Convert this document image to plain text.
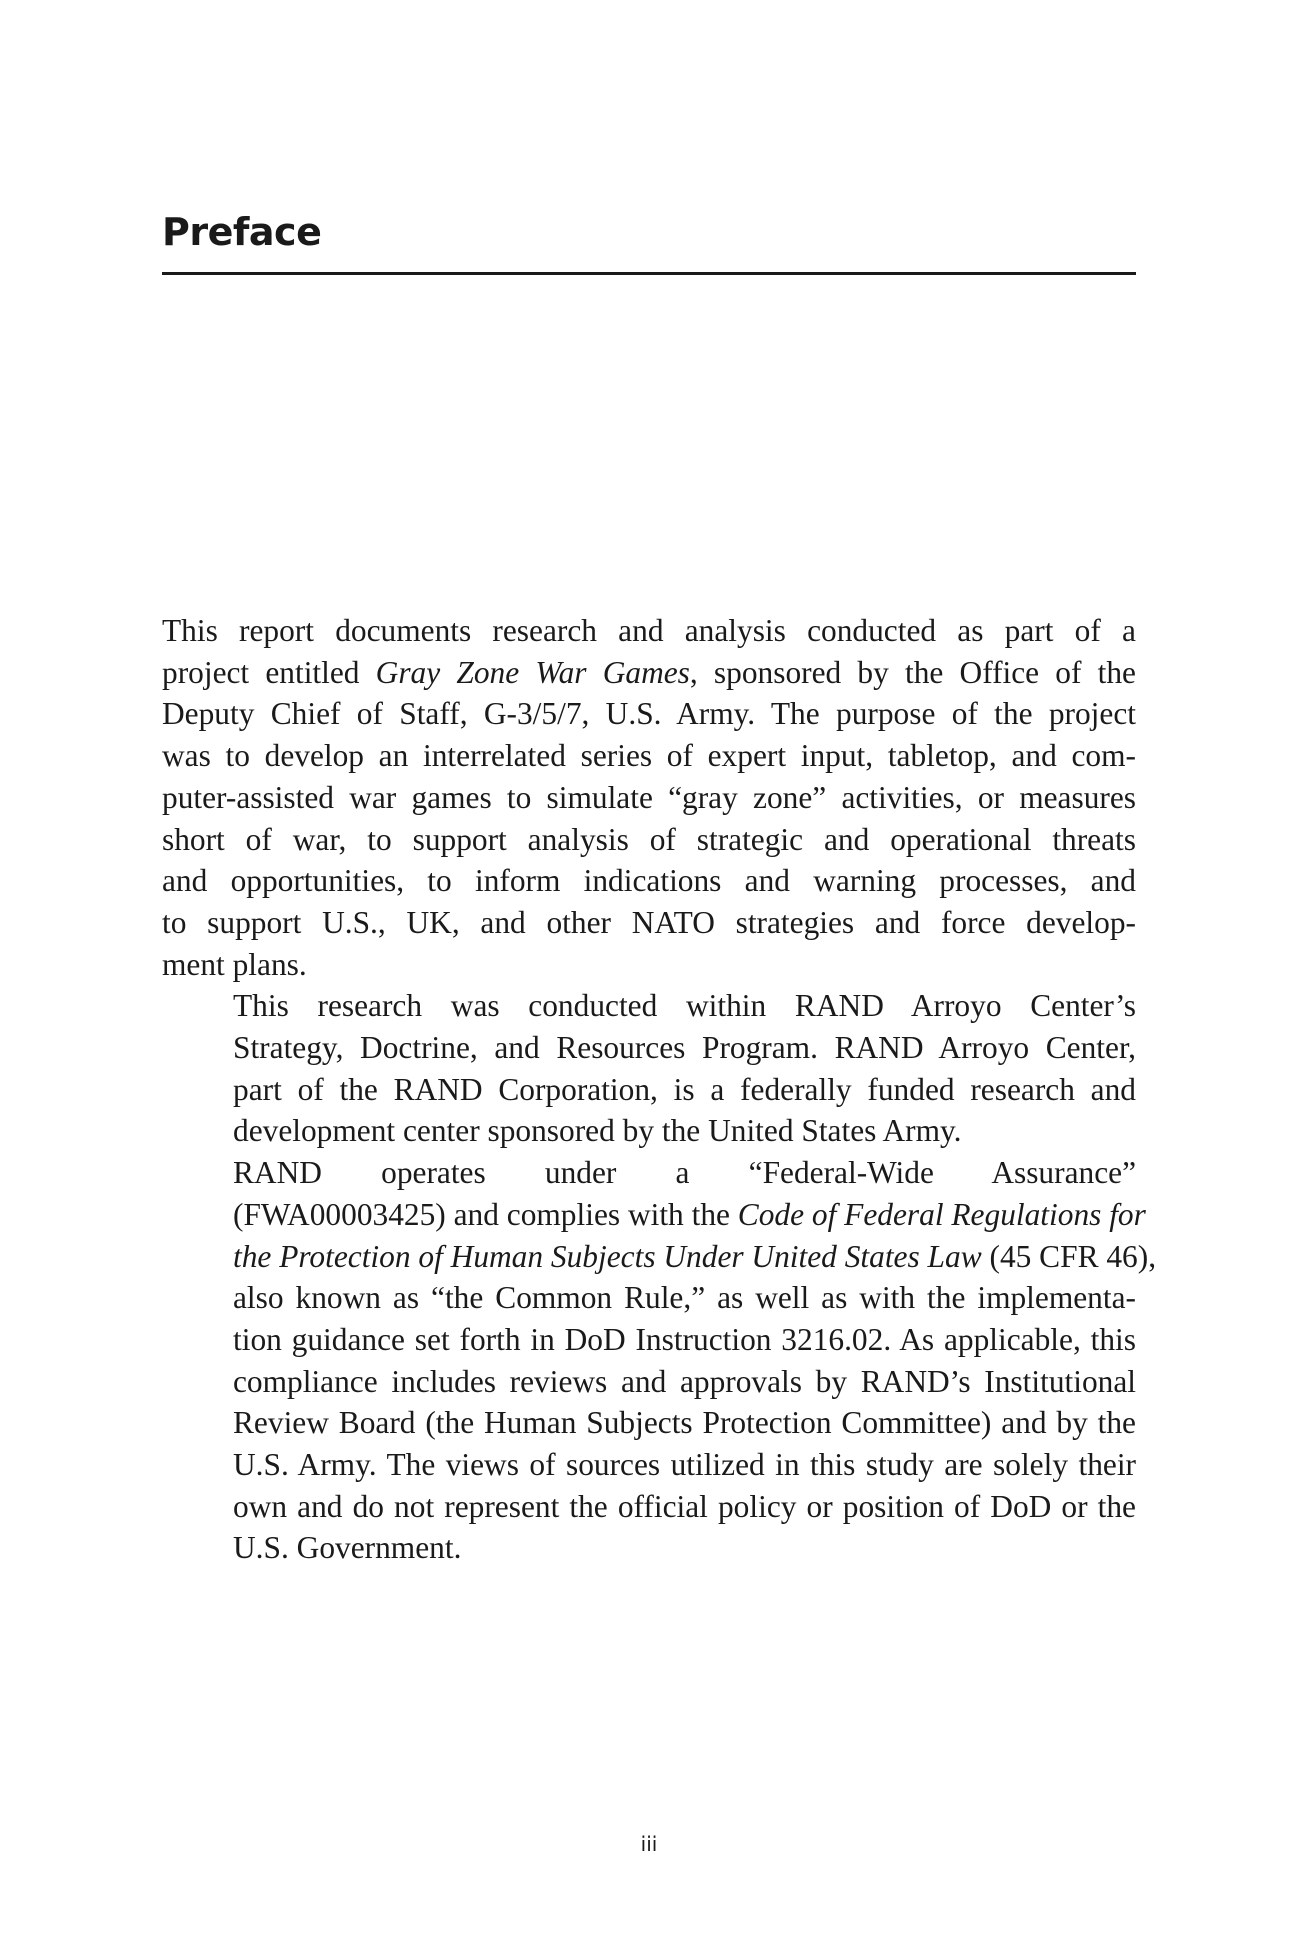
Preface

This report documents research and analysis conducted as part of a
project entitled Gray Zone War Games, sponsored by the Office of the
Deputy Chief of Staff, G-3/5/7, U.S. Army. The purpose of the project
was to develop an interrelated series of expert input, tabletop, and com-
puter-assisted war games to simulate “gray zone” activities, or measures
short of war, to support analysis of strategic and operational threats
and opportunities, to inform indications and warning processes, and
to support U.S., UK, and other NATO strategies and force develop-
ment plans.

This research was conducted within RAND Arroyo Center’s
Strategy, Doctrine, and Resources Program. RAND Arroyo Center,
part of the RAND Corporation, is a federally funded research and
development center sponsored by the United States Army.

RAND operates under a “Federal-Wide Assurance”
(FWA00003425) and complies with the Code of Federal Regulations for
the Protection of Human Subjects Under United States Law (45 CFR 46),
also known as “the Common Rule,” as well as with the implementa-
tion guidance set forth in DoD Instruction 3216.02. As applicable, this
compliance includes reviews and approvals by RAND’s Institutional
Review Board (the Human Subjects Protection Committee) and by the
U.S. Army. The views of sources utilized in this study are solely their
own and do not represent the official policy or position of DoD or the
U.S. Government.

iii
